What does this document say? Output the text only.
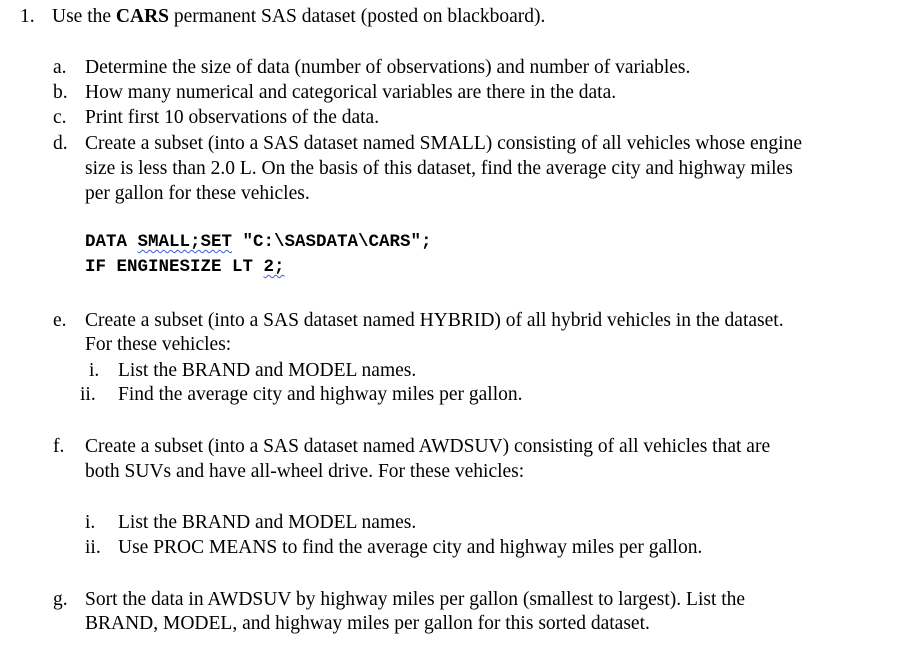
1. Use the CARS permanent SAS dataset (posted on blackboard).
a. Determine the size of data (number of observations) and number of variables.
b. How many numerical and categorical variables are there in the data.
c. Print first 10 observations of the data.
d. Create a subset (into a SAS dataset named SMALL) consisting of all vehicles whose engine
size is less than 2.0 L. On the basis of this dataset, find the average city and highway miles
per gallon for these vehicles.
DATA SMALL;SET "C:\SASDATA\CARS";
IF ENGINESIZE LT 2;
e. Create a subset (into a SAS dataset named HYBRID) of all hybrid vehicles in the dataset.
For these vehicles:
i. List the BRAND and MODEL names.
ii. Find the average city and highway miles per gallon.
f. Create a subset (into a SAS dataset named AWDSUV) consisting of all vehicles that are
both SUVs and have all-wheel drive. For these vehicles:
i. List the BRAND and MODEL names.
ii. Use PROC MEANS to find the average city and highway miles per gallon.
g. Sort the data in AWDSUV by highway miles per gallon (smallest to largest). List the
BRAND, MODEL, and highway miles per gallon for this sorted dataset.
